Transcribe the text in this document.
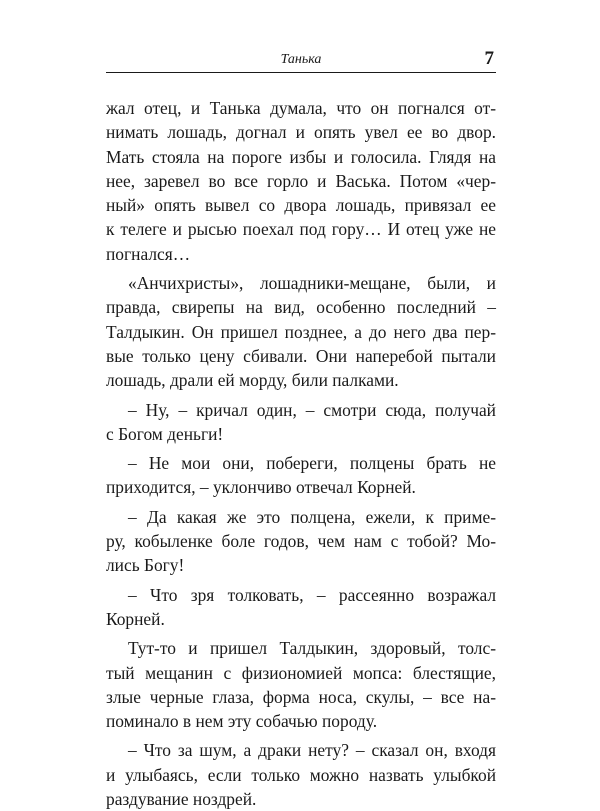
Танька	7
жал отец, и Танька думала, что он погнался от-
нимать лошадь, догнал и опять увел ее во двор.
Мать стояла на пороге избы и голосила. Глядя на
нее, заревел во все горло и Васька. Потом «чер-
ный» опять вывел со двора лошадь, привязал ее
к телеге и рысью поехал под гору… И отец уже не
погнался…
«Анчихристы», лошадники-мещане, были, и
правда, свирепы на вид, особенно последний –
Талдыкин. Он пришел позднее, а до него два пер-
вые только цену сбивали. Они наперебой пытали
лошадь, драли ей морду, били палками.
– Ну, – кричал один, – смотри сюда, получай
с Богом деньги!
– Не мои они, побереги, полцены брать не
приходится, – уклончиво отвечал Корней.
– Да какая же это полцена, ежели, к приме-
ру, кобыленке боле годов, чем нам с тобой? Мо-
лись Богу!
– Что зря толковать, – рассеянно возражал
Корней.
Тут-то и пришел Талдыкин, здоровый, толс-
тый мещанин с физиономией мопса: блестящие,
злые черные глаза, форма носа, скулы, – все на-
поминало в нем эту собачью породу.
– Что за шум, а драки нету? – сказал он, входя
и улыбаясь, если только можно назвать улыбкой
раздувание ноздрей.
